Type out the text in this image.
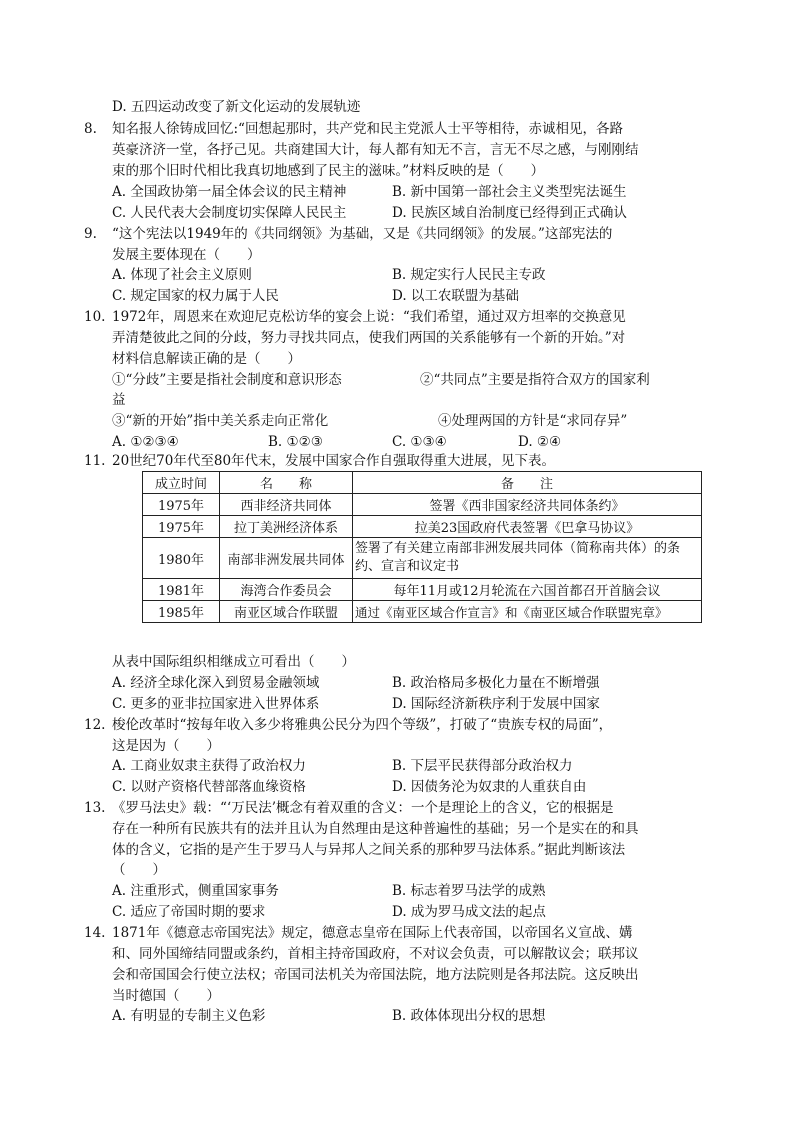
D. 五四运动改变了新文化运动的发展轨迹
8. 知名报人徐铸成回忆:“回想起那时，共产党和民主党派人士平等相待，赤诚相见，各路
英豪济济一堂，各抒己见。共商建国大计，每人都有知无不言，言无不尽之感，与刚刚结
束的那个旧时代相比我真切地感到了民主的滋味。”材料反映的是（　　）
A. 全国政协第一届全体会议的民主精神	B. 新中国第一部社会主义类型宪法诞生
C. 人民代表大会制度切实保障人民民主	D. 民族区域自治制度已经得到正式确认
9. “这个宪法以1949年的《共同纲领》为基础，又是《共同纲领》的发展。”这部宪法的
发展主要体现在（　　）
A. 体现了社会主义原则	B. 规定实行人民民主专政
C. 规定国家的权力属于人民	D. 以工农联盟为基础
10. 1972年，周恩来在欢迎尼克松访华的宴会上说：“我们希望，通过双方坦率的交换意见
弄清楚彼此之间的分歧，努力寻找共同点，使我们两国的关系能够有一个新的开始。”对
材料信息解读正确的是（　　）
①“分歧”主要是指社会制度和意识形态	②“共同点”主要是指符合双方的国家利
益
③“新的开始”指中美关系走向正常化	④处理两国的方针是“求同存异”
A. ①②③④	B. ①②③	C. ①③④	D. ②④
11. 20世纪70年代至80年代末，发展中国家合作自强取得重大进展，见下表。
成立时间	名　　称	备　　注
1975年	西非经济共同体	签署《西非国家经济共同体条约》
1975年	拉丁美洲经济体系	拉美23国政府代表签署《巴拿马协议》
1980年	南部非洲发展共同体	签署了有关建立南部非洲发展共同体（简称南共体）的条约、宣言和议定书

1981年	海湾合作委员会	每年11月或12月轮流在六国首都召开首脑会议
1985年	南亚区域合作联盟	通过《南亚区域合作宣言》和《南亚区域合作联盟宪章》
从表中国际组织相继成立可看出（　　）
A. 经济全球化深入到贸易金融领域	B. 政治格局多极化力量在不断增强
C. 更多的亚非拉国家进入世界体系	D. 国际经济新秩序利于发展中国家
12. 梭伦改革时“按每年收入多少将雅典公民分为四个等级”，打破了“贵族专权的局面”，
这是因为（　　）
A. 工商业奴隶主获得了政治权力	B. 下层平民获得部分政治权力
C. 以财产资格代替部落血缘资格	D. 因债务沦为奴隶的人重获自由
13. 《罗马法史》载：“‘万民法’概念有着双重的含义：一个是理论上的含义，它的根据是
存在一种所有民族共有的法并且认为自然理由是这种普遍性的基础；另一个是实在的和具
体的含义，它指的是产生于罗马人与异邦人之间关系的那种罗马法体系。”据此判断该法
（　　）
A. 注重形式，侧重国家事务	B. 标志着罗马法学的成熟
C. 适应了帝国时期的要求	D. 成为罗马成文法的起点
14. 1871年《德意志帝国宪法》规定，德意志皇帝在国际上代表帝国，以帝国名义宣战、媾
和、同外国缔结同盟或条约，首相主持帝国政府，不对议会负责，可以解散议会；联邦议
会和帝国国会行使立法权；帝国司法机关为帝国法院，地方法院则是各邦法院。这反映出
当时德国（　　）
A. 有明显的专制主义色彩	B. 政体体现出分权的思想
